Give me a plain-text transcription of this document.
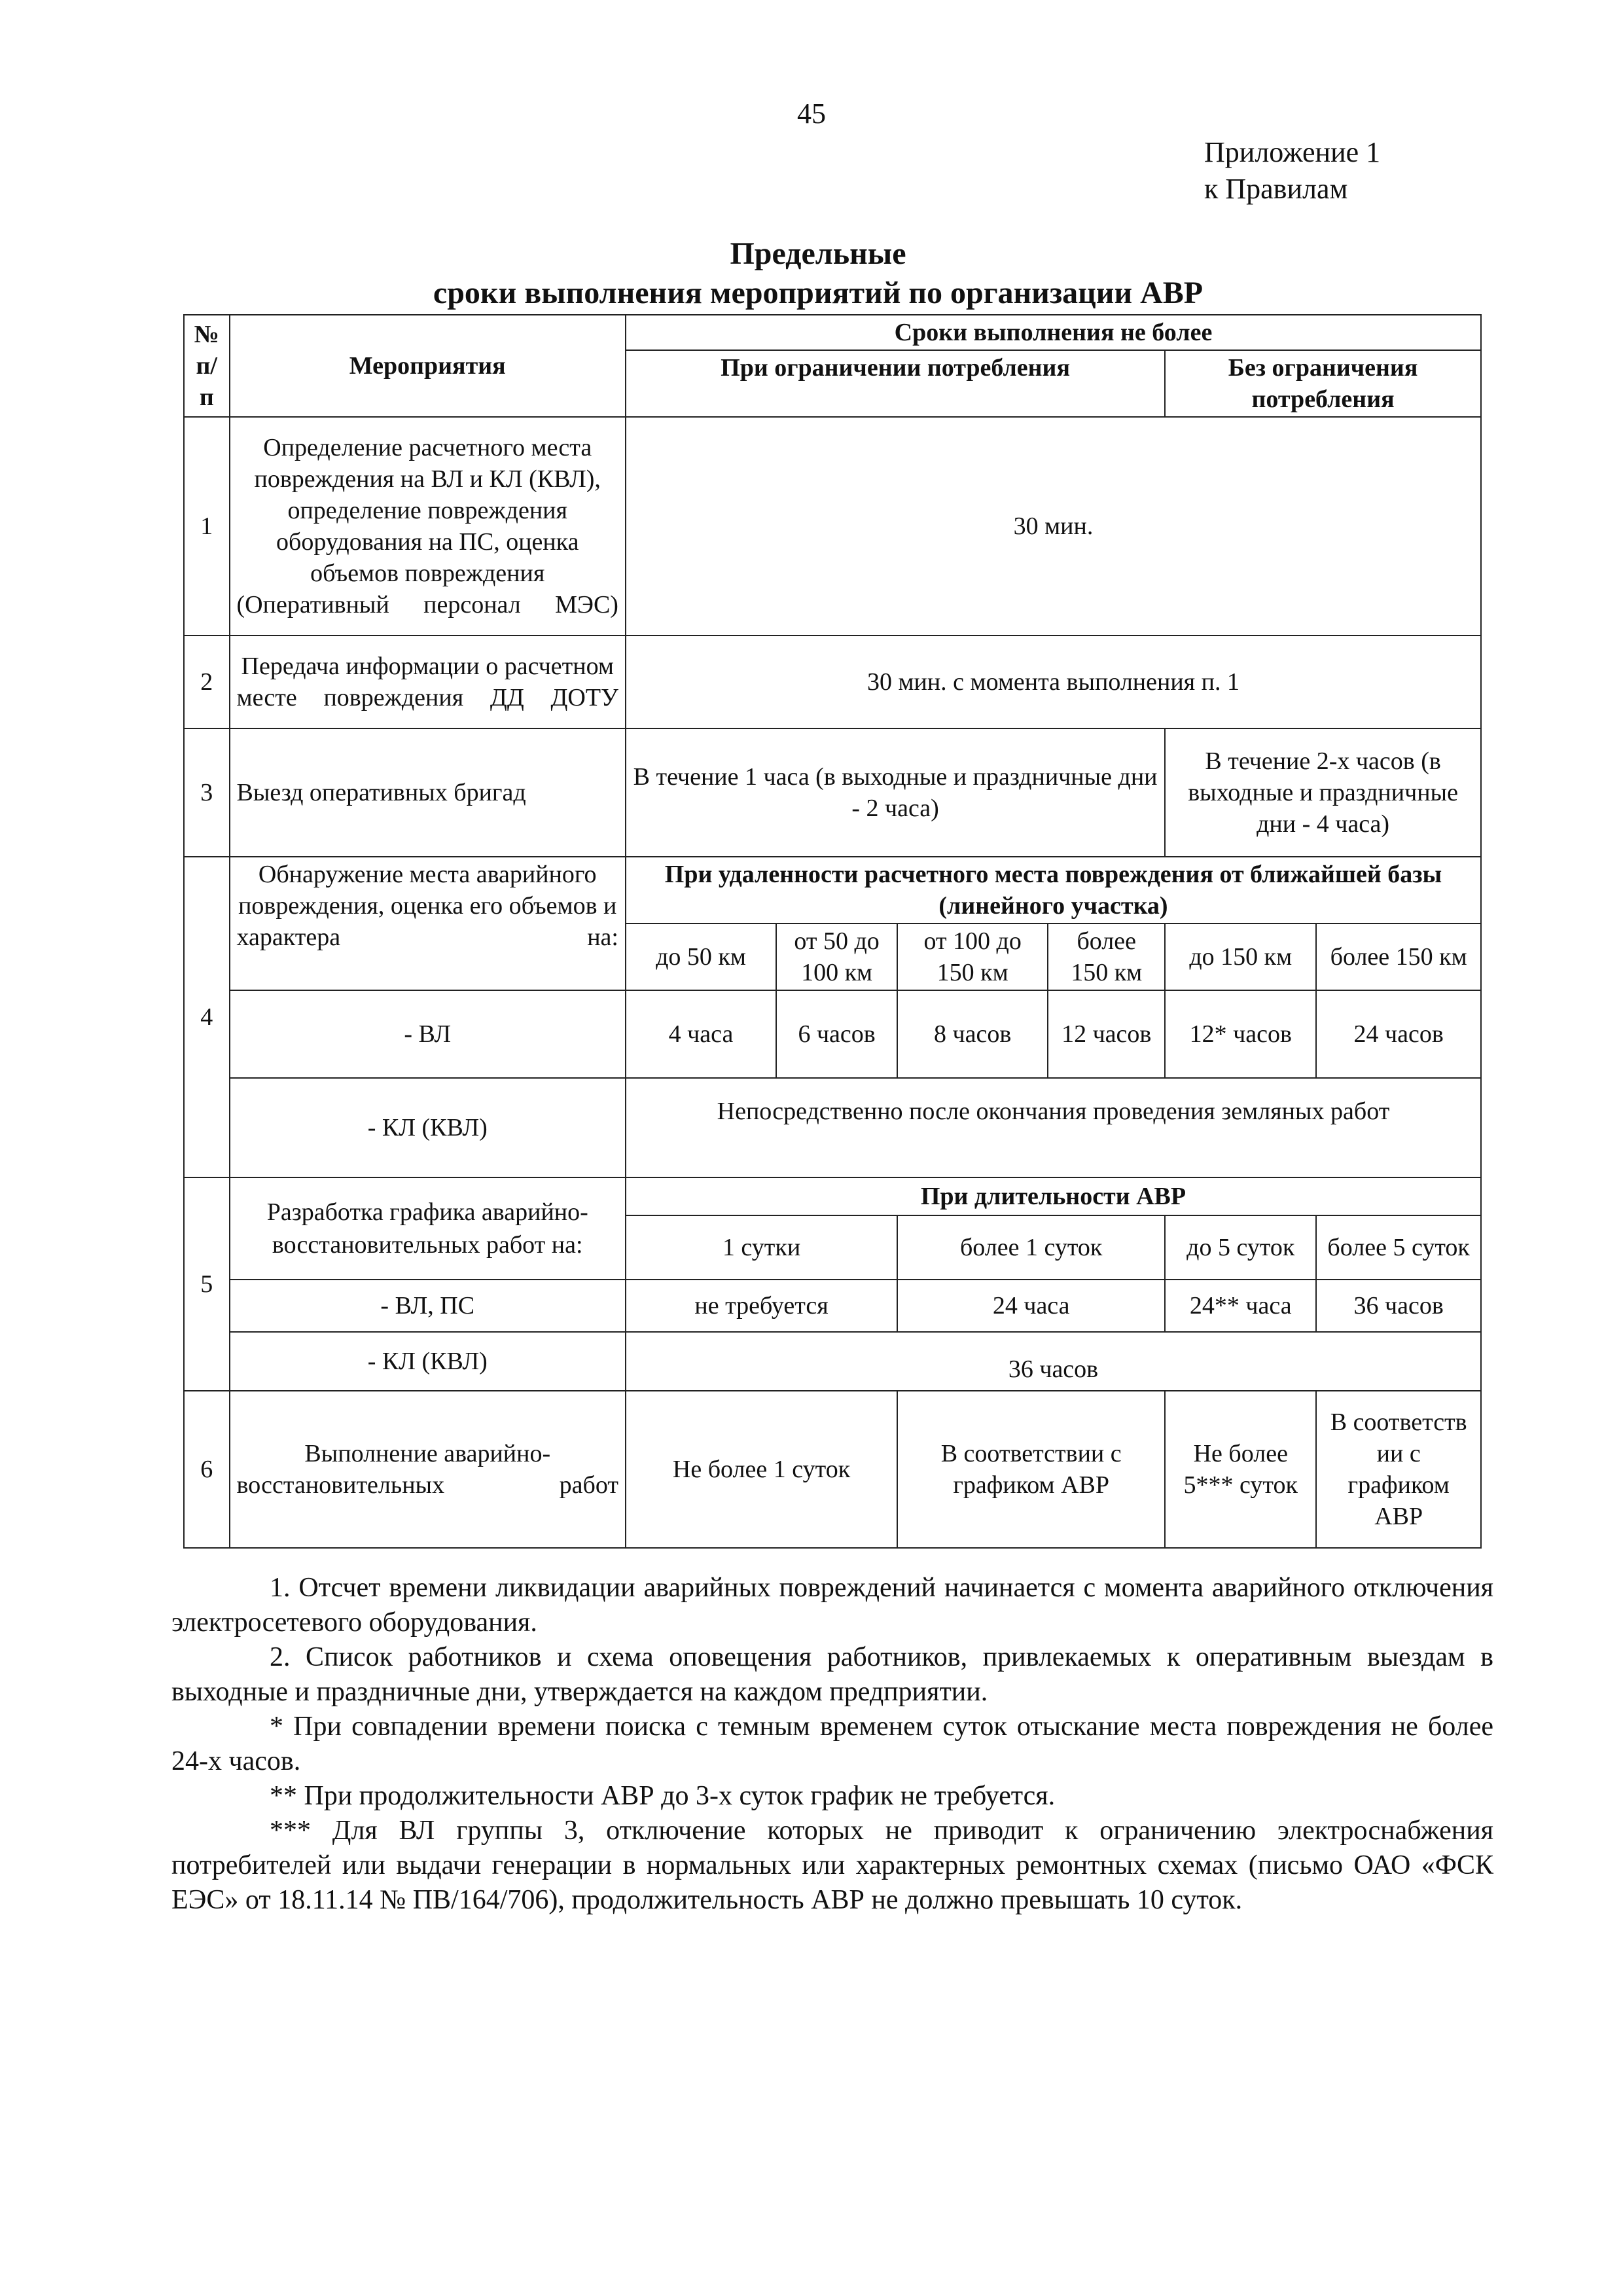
45
Приложение 1
к Правилам
Предельные
сроки выполнения мероприятий по организации АВР
№ п/п	Мероприятия	Сроки выполнения не более					
		При ограничении потребления				Без ограничения потребления	
1	Определение расчетного места повреждения на ВЛ и КЛ (КВЛ), определение повреждения оборудования на ПС, оценка объемов повреждения (Оперативный персонал МЭС)	30 мин.					
2	Передача информации о расчетном месте повреждения ДД ДОТУ	30 мин. с момента выполнения п. 1					
3	Выезд оперативных бригад	В течение 1 часа (в выходные и праздничные дни - 2 часа)				В течение 2-х часов (в выходные и праздничные дни - 4 часа)	
4	Обнаружение места аварийного повреждения, оценка его объемов и характера на:	При удаленности расчетного места повреждения от ближайшей базы (линейного участка)					
		до 50 км	от 50 до 100 км	от 100 до 150 км	более 150 км	до 150 км	более 150 км
	- ВЛ	4 часа	6 часов	8 часов	12 часов	12* часов	24 часов
	- КЛ (КВЛ)	Непосредственно после окончания проведения земляных работ					

5	Разработка графика аварийно-восстановительных работ на:	При длительности АВР					
		1 сутки		более 1 суток		до 5 суток	более 5 суток
	- ВЛ, ПС	не требуется		24 часа		24** часа	36 часов
	- КЛ (КВЛ)	36 часов					
6	Выполнение аварийно-восстановительных работ	Не более 1 суток		В соответствии с графиком АВР		Не более 5*** суток	В соответств ии с графиком АВР

1. Отсчет времени ликвидации аварийных повреждений начинается с момента аварийного отключения электросетевого оборудования.

2. Список работников и схема оповещения работников, привлекаемых к оперативным выездам в выходные и праздничные дни, утверждается на каждом предприятии.

* При совпадении времени поиска с темным временем суток отыскание места повреждения не более 24-х часов.

** При продолжительности АВР до 3-х суток график не требуется.

*** Для ВЛ группы 3, отключение которых не приводит к ограничению электроснабжения потребителей или выдачи генерации в нормальных или характерных ремонтных схемах (письмо ОАО «ФСК ЕЭС» от 18.11.14 № ПВ/164/706), продолжительность АВР не должно превышать 10 суток.
